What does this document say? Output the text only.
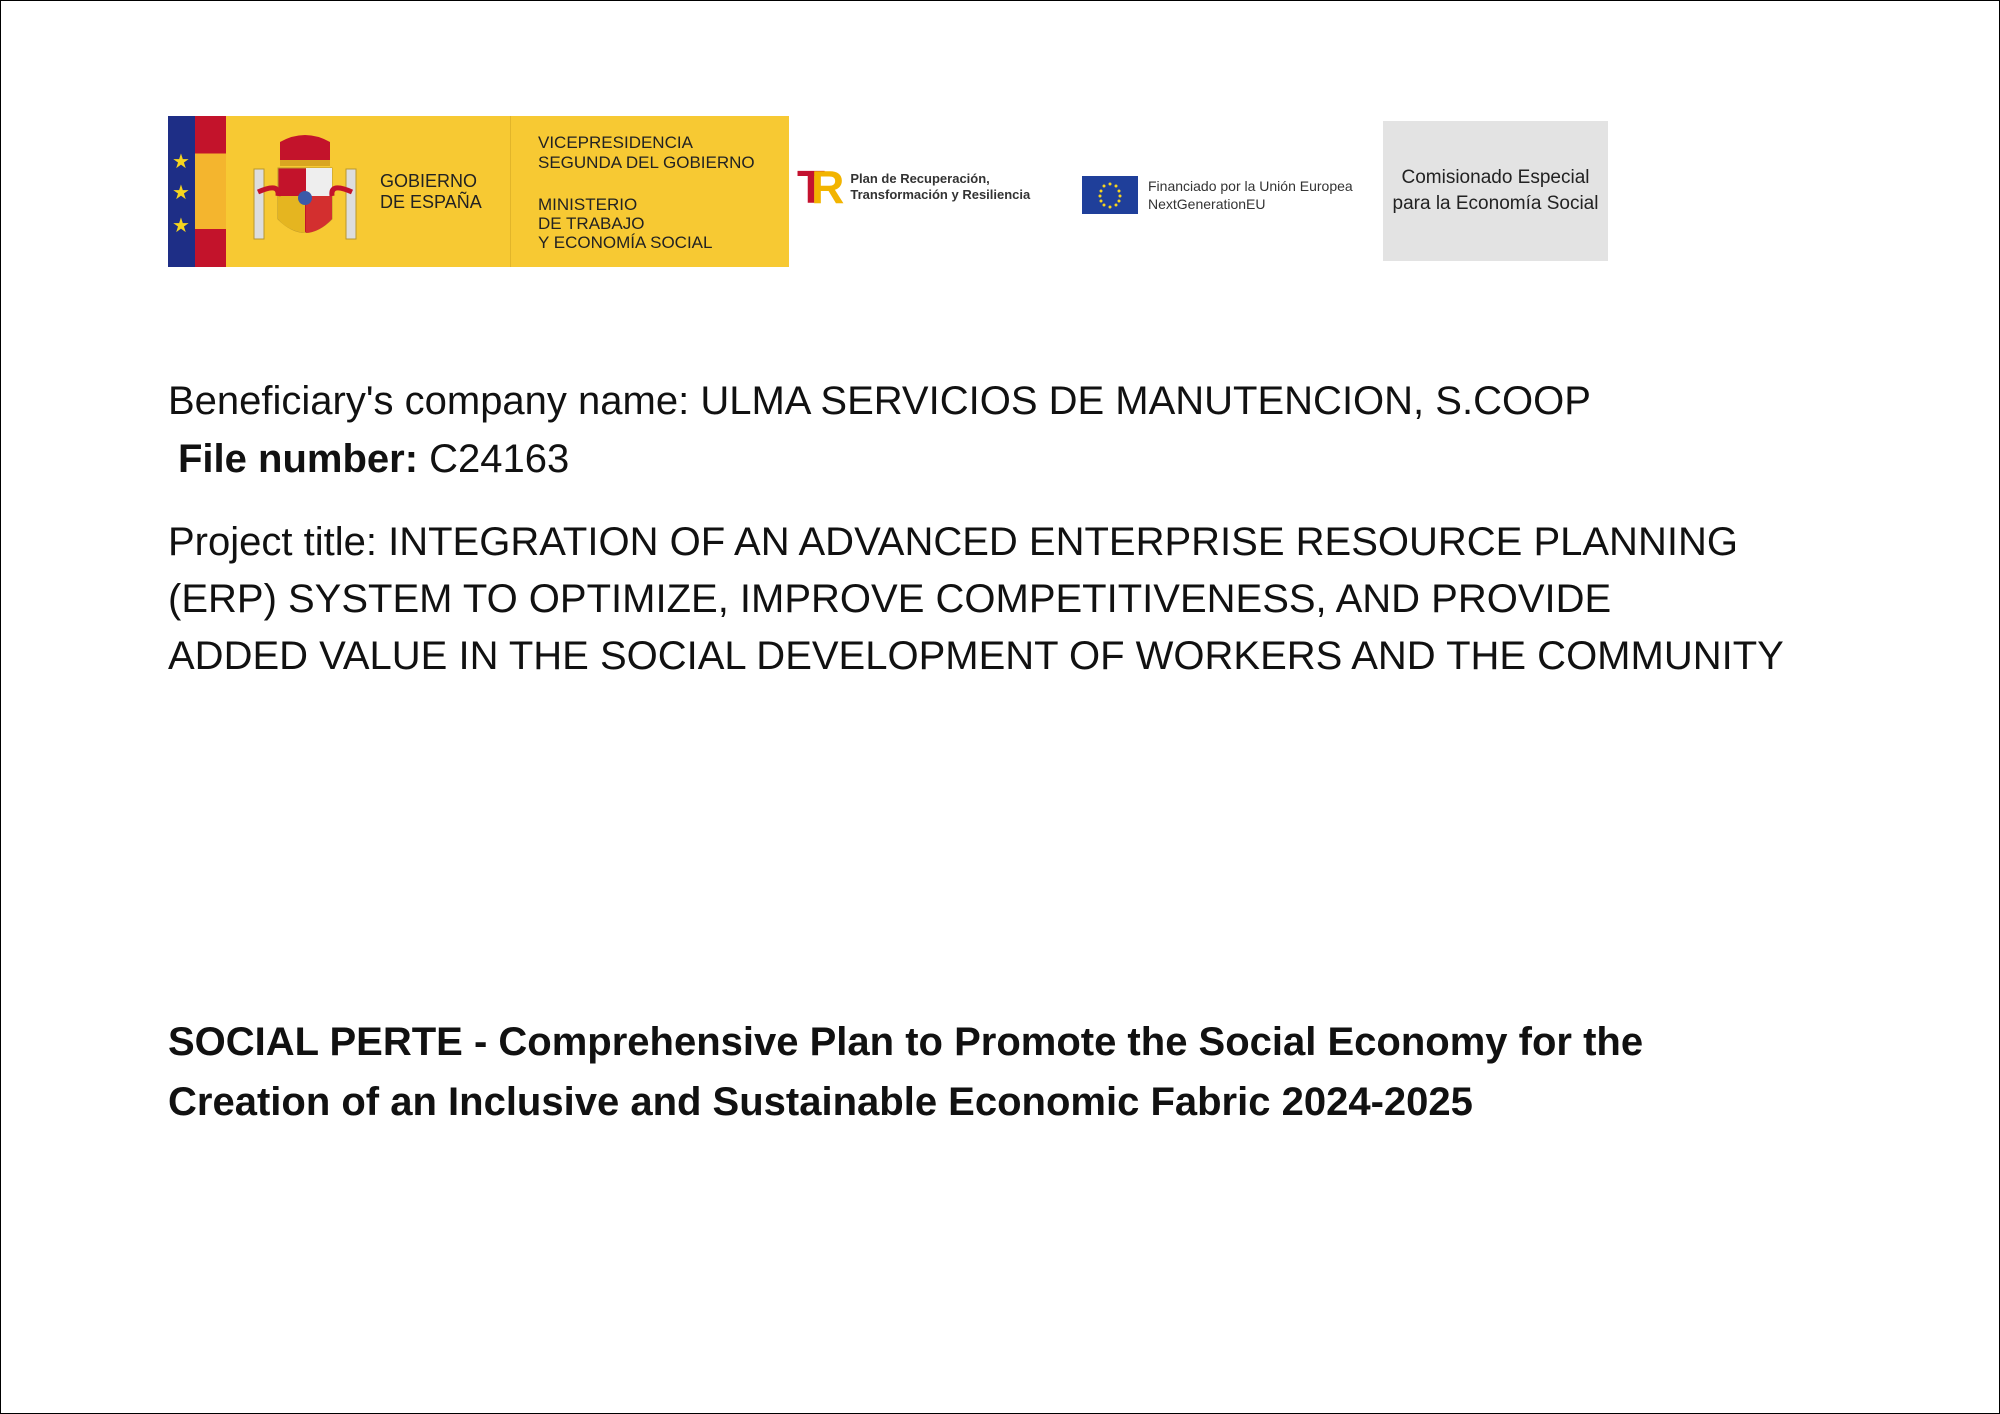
★
★
★
GOBIERNO
DE ESPAÑA
VICEPRESIDENCIA
SEGUNDA DEL GOBIERNO
MINISTERIO
DE TRABAJO
Y ECONOMÍA SOCIAL
TR Plan de Recuperación,
Transformación y Resiliencia
Financiado por la Unión Europea
NextGenerationEU
Comisionado Especial
para la Economía Social
Beneficiary's company name: ULMA SERVICIOS DE MANUTENCION, S.COOP
File number: C24163
Project title: INTEGRATION OF AN ADVANCED ENTERPRISE RESOURCE PLANNING
(ERP) SYSTEM TO OPTIMIZE, IMPROVE COMPETITIVENESS, AND PROVIDE
ADDED VALUE IN THE SOCIAL DEVELOPMENT OF WORKERS AND THE COMMUNITY
SOCIAL PERTE - Comprehensive Plan to Promote the Social Economy for the
Creation of an Inclusive and Sustainable Economic Fabric 2024-2025
